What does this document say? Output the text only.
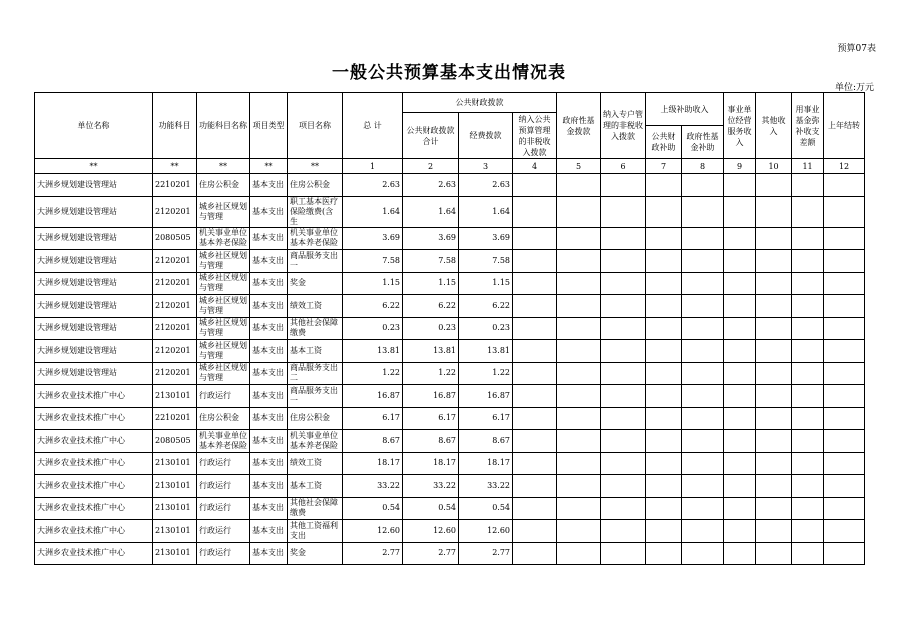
预算07表
一般公共预算基本支出情况表
单位:万元
单位名称	功能科目	功能科目名称	项目类型	项目名称	总 计	公共财政拨款			政府性基金拨款	纳入专户管理的非税收入拨款	上级补助收入		事业单位经营服务收入	其他收入	用事业基金弥补收支差额	上年结转
						公共财政拨款合计	经费拨款	纳入公共预算管理的非税收入拨款								
											公共财政补助	政府性基金补助				
**	**	**	**	**	1	2	3	4	5	6	7	8	9	10	11	12
大洲乡规划建设管理站	2210201	住房公积金	基本支出	住房公积金	2.63	2.63	2.63									
大洲乡规划建设管理站	2120201	城乡社区规划与管理	基本支出	职工基本医疗保险缴费(含生	1.64	1.64	1.64									
大洲乡规划建设管理站	2080505	机关事业单位基本养老保险	基本支出	机关事业单位基本养老保险	3.69	3.69	3.69									
大洲乡规划建设管理站	2120201	城乡社区规划与管理	基本支出	商品服务支出一	7.58	7.58	7.58									
大洲乡规划建设管理站	2120201	城乡社区规划与管理	基本支出	奖金	1.15	1.15	1.15									
大洲乡规划建设管理站	2120201	城乡社区规划与管理	基本支出	绩效工资	6.22	6.22	6.22									
大洲乡规划建设管理站	2120201	城乡社区规划与管理	基本支出	其他社会保障缴费	0.23	0.23	0.23									
大洲乡规划建设管理站	2120201	城乡社区规划与管理	基本支出	基本工资	13.81	13.81	13.81									
大洲乡规划建设管理站	2120201	城乡社区规划与管理	基本支出	商品服务支出二	1.22	1.22	1.22									
大洲乡农业技术推广中心	2130101	行政运行	基本支出	商品服务支出一	16.87	16.87	16.87									
大洲乡农业技术推广中心	2210201	住房公积金	基本支出	住房公积金	6.17	6.17	6.17									
大洲乡农业技术推广中心	2080505	机关事业单位基本养老保险	基本支出	机关事业单位基本养老保险	8.67	8.67	8.67									
大洲乡农业技术推广中心	2130101	行政运行	基本支出	绩效工资	18.17	18.17	18.17									
大洲乡农业技术推广中心	2130101	行政运行	基本支出	基本工资	33.22	33.22	33.22									
大洲乡农业技术推广中心	2130101	行政运行	基本支出	其他社会保障缴费	0.54	0.54	0.54									
大洲乡农业技术推广中心	2130101	行政运行	基本支出	其他工资福利支出	12.60	12.60	12.60									
大洲乡农业技术推广中心	2130101	行政运行	基本支出	奖金	2.77	2.77	2.77									
